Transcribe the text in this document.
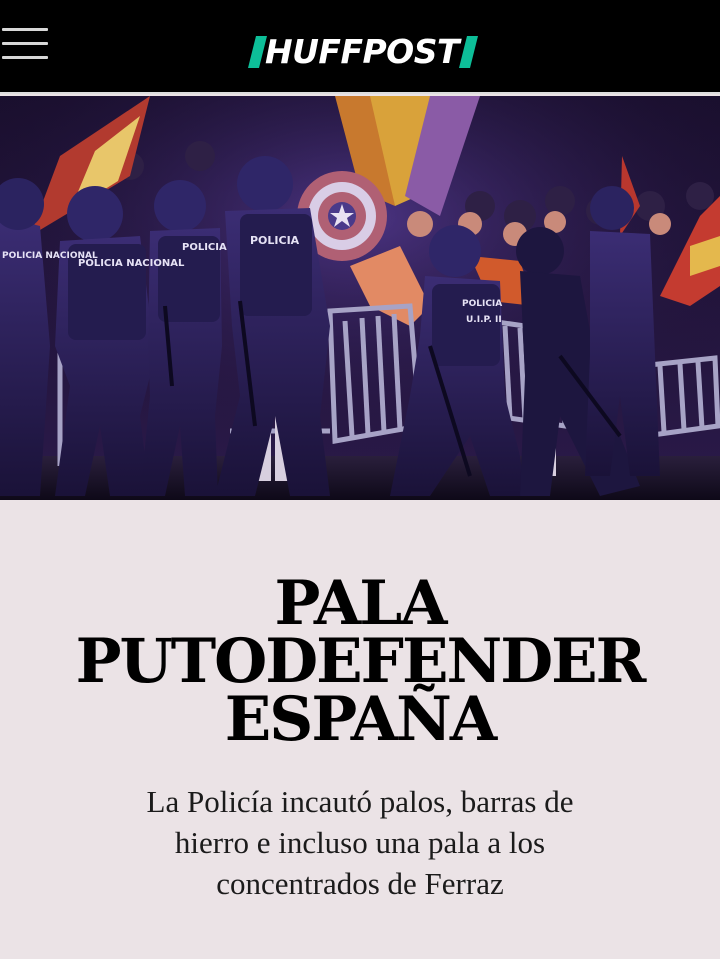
HUFFPOST
POLICIA NACIONAL
POLICIA
POLICIA
POLICIA
U.I.P. II
POLICIA NACIONAL
PALA
PUTODEFENDER
ESPAÑA
La Policía incautó palos, barras de
hierro e incluso una pala a los
concentrados de Ferraz
